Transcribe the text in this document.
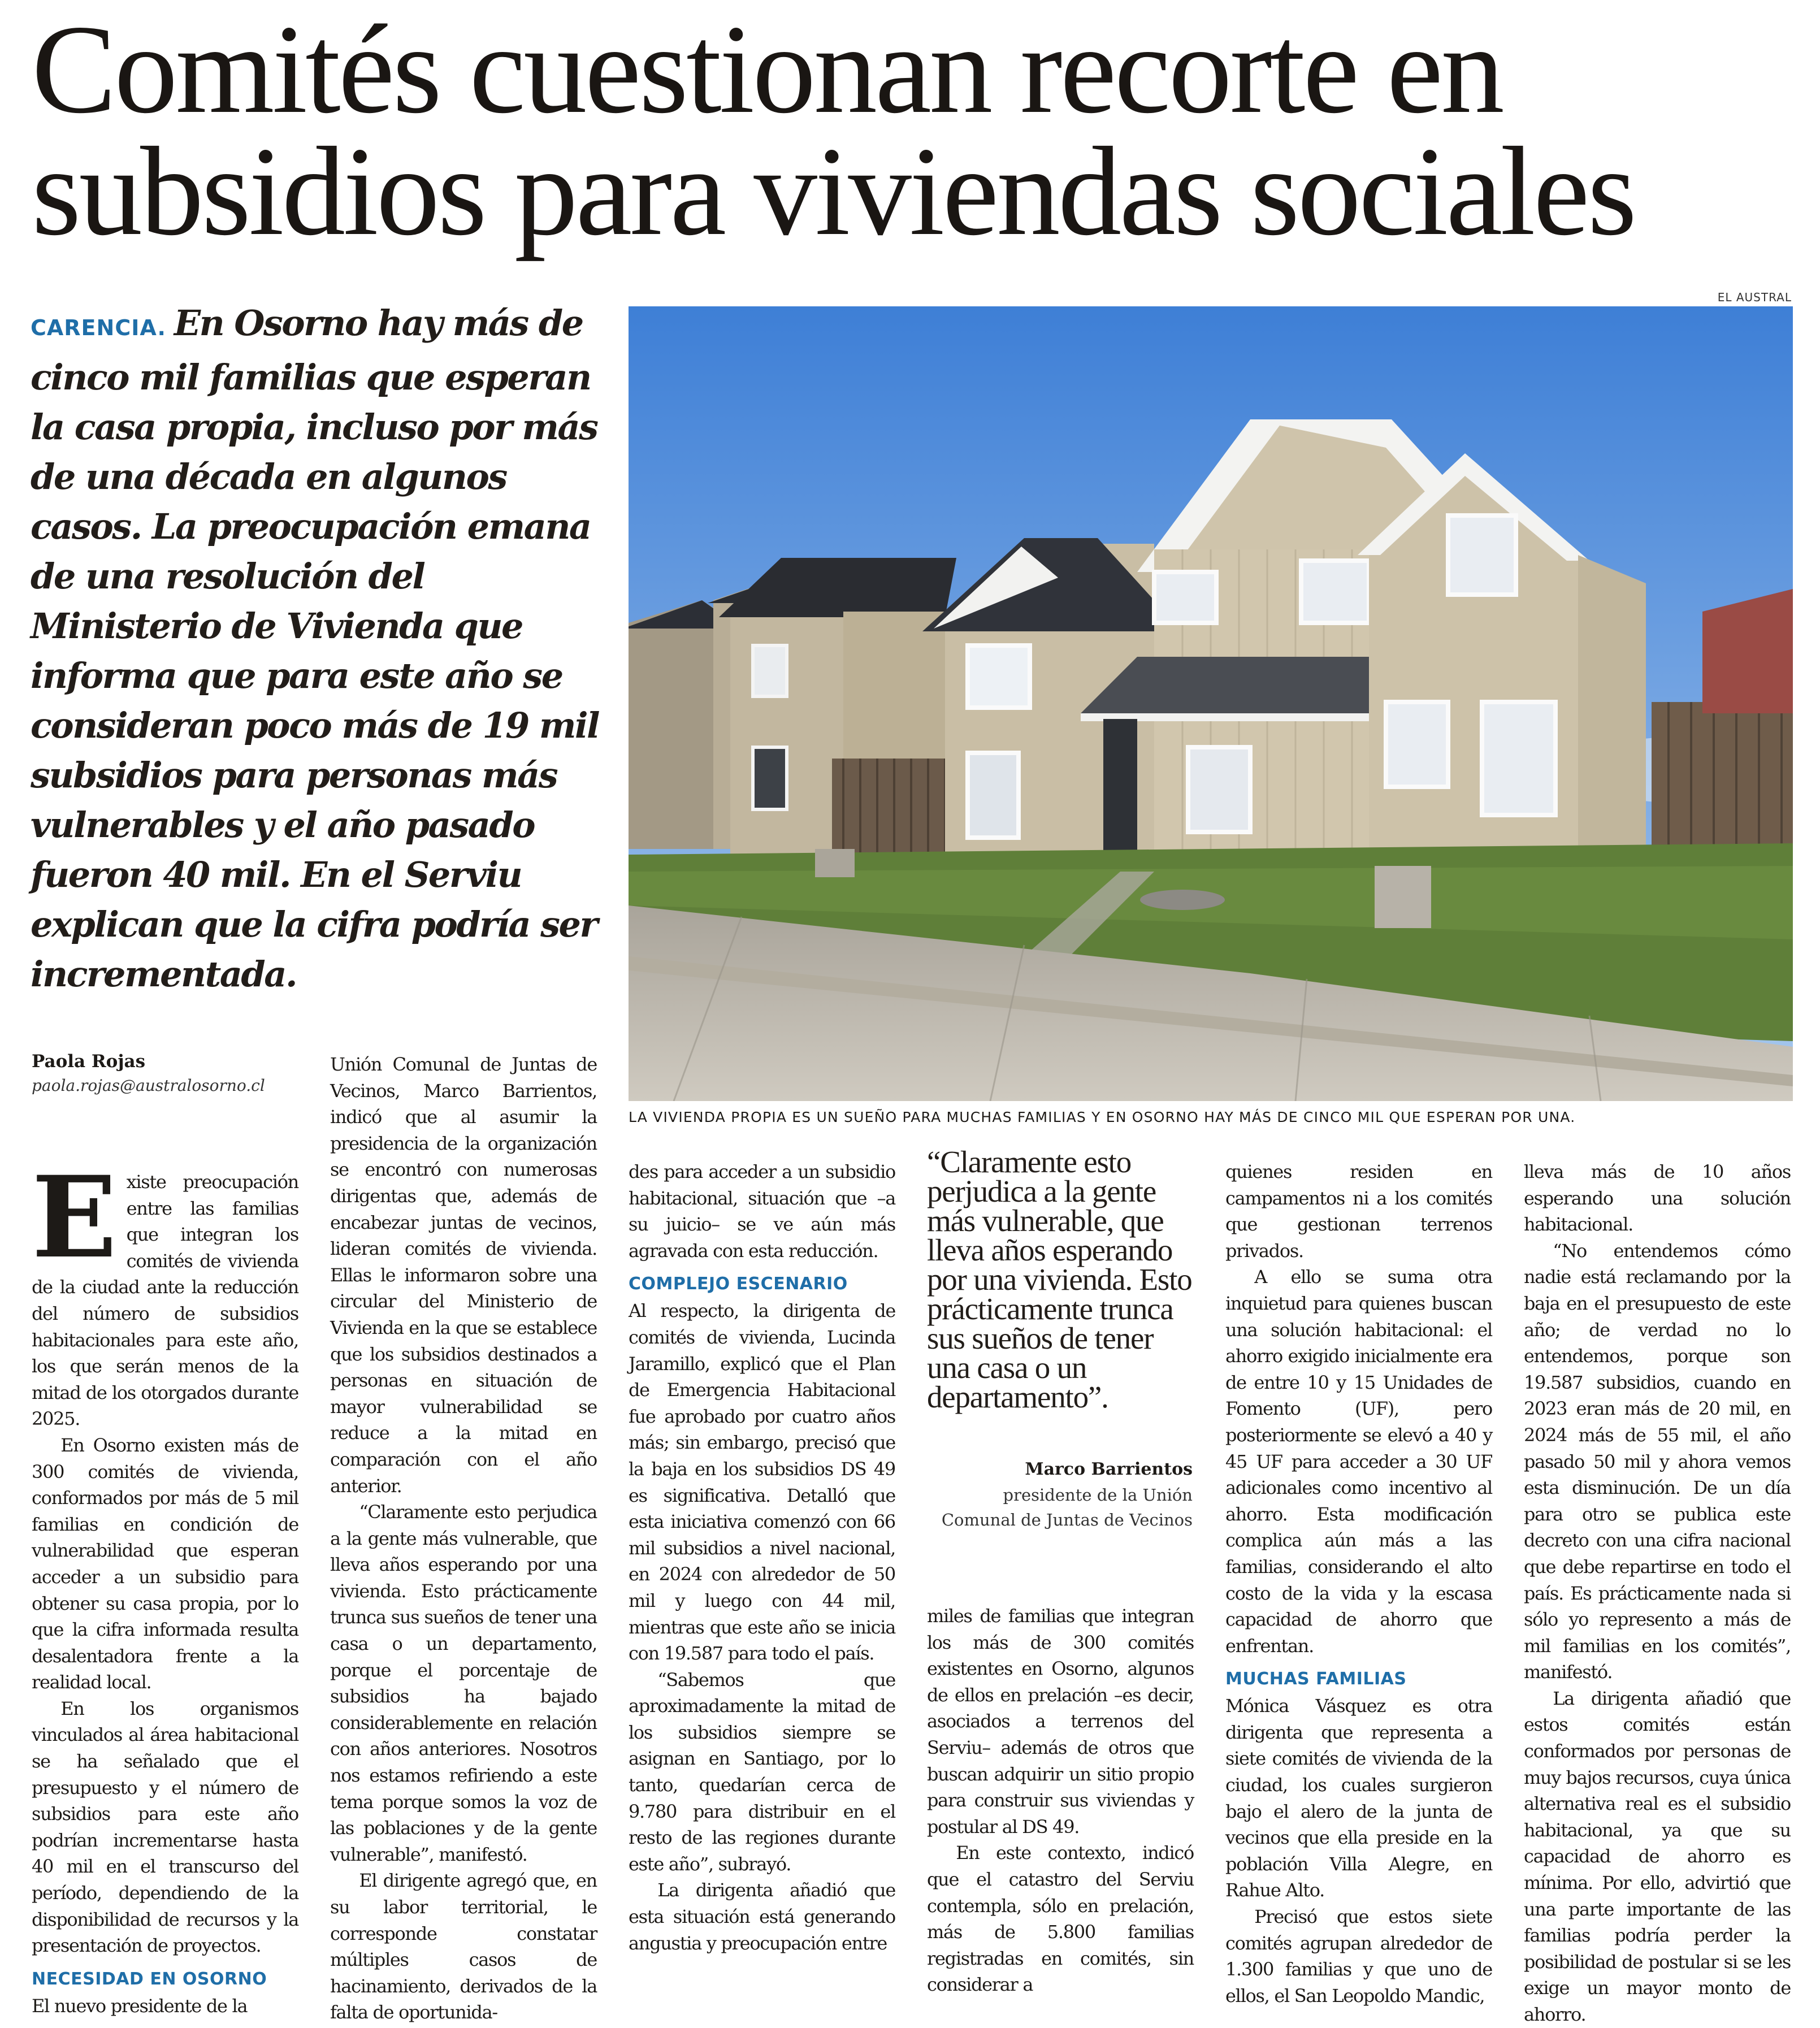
Comités cuestionan recorte en subsidios para viviendas sociales

CARENCIA. En Osorno hay más de cinco mil familias que esperan la casa propia, incluso por más de una década en algunos casos. La preocupación emana de una resolución del Ministerio de Vivienda que informa que para este año se consideran poco más de 19 mil subsidios para personas más vulnerables y el año pasado fueron 40 mil. En el Serviu explican que la cifra podría ser incrementada.

EL AUSTRAL
LA VIVIENDA PROPIA ES UN SUEÑO PARA MUCHAS FAMILIAS Y EN OSORNO HAY MÁS DE CINCO MIL QUE ESPERAN POR UNA.

Paola Rojas

paola.rojas@australosorno.cl

E xiste preocupación entre las familias que integran los comités de vivienda de la ciudad ante la reducción del número de subsidios habitacionales para este año, los que serán menos de la mitad de los otorgados durante 2025.

En Osorno existen más de 300 comités de vivienda, conformados por más de 5 mil familias en condición de vulnerabilidad que esperan acceder a un subsidio para obtener su casa propia, por lo que la cifra informada resulta desalentadora frente a la realidad local.

En los organismos vinculados al área habitacional se ha señalado que el presupuesto y el número de subsidios para este año podrían incrementarse hasta 40 mil en el transcurso del período, dependiendo de la disponibilidad de recursos y la presentación de proyectos.

NECESIDAD EN OSORNO

El nuevo presidente de la

Unión Comunal de Juntas de Vecinos, Marco Barrientos, indicó que al asumir la presidencia de la organización se encontró con numerosas dirigentas que, además de encabezar juntas de vecinos, lideran comités de vivienda. Ellas le informaron sobre una circular del Ministerio de Vivienda en la que se establece que los subsidios destinados a personas en situación de mayor vulnerabilidad se reduce a la mitad en comparación con el año anterior.

“Claramente esto perjudica a la gente más vulnerable, que lleva años esperando por una vivienda. Esto prácticamente trunca sus sueños de tener una casa o un departamento, porque el porcentaje de subsidios ha bajado considerablemente en relación con años anteriores. Nosotros nos estamos refiriendo a este tema porque somos la voz de las poblaciones y de la gente vulnerable”, manifestó.

El dirigente agregó que, en su labor territorial, le corresponde constatar múltiples casos de hacinamiento, derivados de la falta de oportunida-

des para acceder a un subsidio habitacional, situación que –a su juicio– se ve aún más agravada con esta reducción.

COMPLEJO ESCENARIO

Al respecto, la dirigenta de comités de vivienda, Lucinda Jaramillo, explicó que el Plan de Emergencia Habitacional fue aprobado por cuatro años más; sin embargo, precisó que la baja en los subsidios DS 49 es significativa. Detalló que esta iniciativa comenzó con 66 mil subsidios a nivel nacional, en 2024 con alrededor de 50 mil y luego con 44 mil, mientras que este año se inicia con 19.587 para todo el país.

“Sabemos que aproximadamente la mitad de los subsidios siempre se asignan en Santiago, por lo tanto, quedarían cerca de 9.780 para distribuir en el resto de las regiones durante este año”, subrayó.

La dirigenta añadió que esta situación está generando angustia y preocupación entre

“Claramente esto perjudica a la gente más vulnerable, que lleva años esperando por una vivienda. Esto prácticamente trunca sus sueños de tener una casa o un departamento”.

Marco Barrientos

presidente de la Unión Comunal de Juntas de Vecinos

miles de familias que integran los más de 300 comités existentes en Osorno, algunos de ellos en prelación –es decir, asociados a terrenos del Serviu– además de otros que buscan adquirir un sitio propio para construir sus viviendas y postular al DS 49.

En este contexto, indicó que el catastro del Serviu contempla, sólo en prelación, más de 5.800 familias registradas en comités, sin considerar a

quienes residen en campamentos ni a los comités que gestionan terrenos privados.

A ello se suma otra inquietud para quienes buscan una solución habitacional: el ahorro exigido inicialmente era de entre 10 y 15 Unidades de Fomento (UF), pero posteriormente se elevó a 40 y 45 UF para acceder a 30 UF adicionales como incentivo al ahorro. Esta modificación complica aún más a las familias, considerando el alto costo de la vida y la escasa capacidad de ahorro que enfrentan.

MUCHAS FAMILIAS

Mónica Vásquez es otra dirigenta que representa a siete comités de vivienda de la ciudad, los cuales surgieron bajo el alero de la junta de vecinos que ella preside en la población Villa Alegre, en Rahue Alto.

Precisó que estos siete comités agrupan alrededor de 1.300 familias y que uno de ellos, el San Leopoldo Mandic,

lleva más de 10 años esperando una solución habitacional.

“No entendemos cómo nadie está reclamando por la baja en el presupuesto de este año; de verdad no lo entendemos, porque son 19.587 subsidios, cuando en 2023 eran más de 20 mil, en 2024 más de 55 mil, el año pasado 50 mil y ahora vemos esta disminución. De un día para otro se publica este decreto con una cifra nacional que debe repartirse en todo el país. Es prácticamente nada si sólo yo represento a más de mil familias en los comités”, manifestó.

La dirigenta añadió que estos comités están conformados por personas de muy bajos recursos, cuya única alternativa real es el subsidio habitacional, ya que su capacidad de ahorro es mínima. Por ello, advirtió que una parte importante de las familias podría perder la posibilidad de postular si se les exige un mayor monto de ahorro.
